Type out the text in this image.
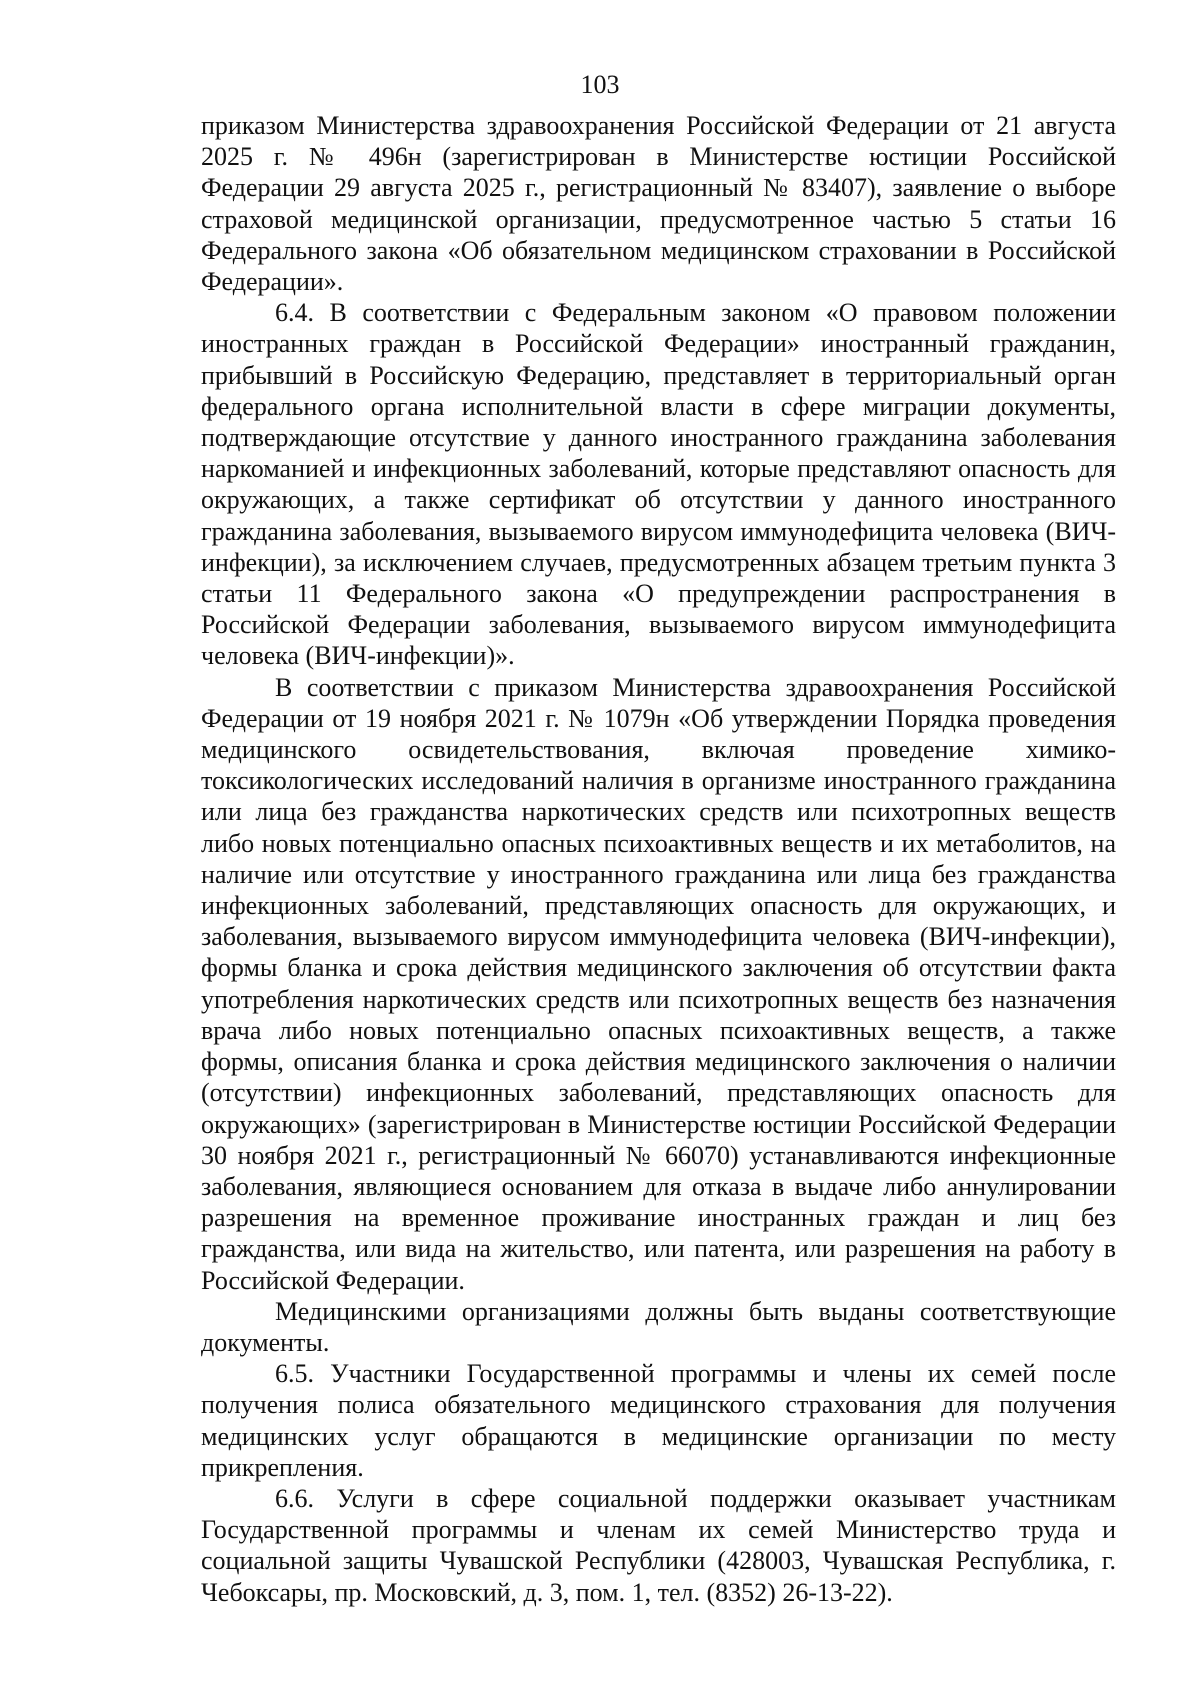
103

приказом Министерства здравоохранения Российской Федерации от 21 августа 2025 г. № 496н (зарегистрирован в Министерстве юстиции Российской Федерации 29 августа 2025 г., регистрационный № 83407), заявление о выборе страховой медицинской организации, предусмотренное частью 5 статьи 16 Федерального закона «Об обязательном медицинском страховании в Российской Федерации».

6.4. В соответствии с Федеральным законом «О правовом положении иностранных граждан в Российской Федерации» иностранный гражданин, прибывший в Российскую Федерацию, представляет в территориальный орган федерального органа исполнительной власти в сфере миграции документы, подтверждающие отсутствие у данного иностранного гражданина заболевания наркоманией и инфекционных заболеваний, которые представляют опасность для окружающих, а также сертификат об отсутствии у данного иностранного гражданина заболевания, вызываемого вирусом иммунодефицита человека (ВИЧ-инфекции), за исключением случаев, предусмотренных абзацем третьим пункта 3 статьи 11 Федерального закона «О предупреждении распространения в Российской Федерации заболевания, вызываемого вирусом иммунодефицита человека (ВИЧ-инфекции)».

В соответствии с приказом Министерства здравоохранения Российской Федерации от 19 ноября 2021 г. № 1079н «Об утверждении Порядка проведения медицинского освидетельствования, включая проведение химико-токсикологических исследований наличия в организме иностранного гражданина или лица без гражданства наркотических средств или психотропных веществ либо новых потенциально опасных психоактивных веществ и их метаболитов, на наличие или отсутствие у иностранного гражданина или лица без гражданства инфекционных заболеваний, представляющих опасность для окружающих, и заболевания, вызываемого вирусом иммунодефицита человека (ВИЧ-инфекции), формы бланка и срока действия медицинского заключения об отсутствии факта употребления наркотических средств или психотропных веществ без назначения врача либо новых потенциально опасных психоактивных веществ, а также формы, описания бланка и срока действия медицинского заключения о наличии (отсутствии) инфекционных заболеваний, представляющих опасность для окружающих» (зарегистрирован в Министерстве юстиции Российской Федерации 30 ноября 2021 г., регистрационный № 66070) устанавливаются инфекционные заболевания, являющиеся основанием для отказа в выдаче либо аннулировании разрешения на временное проживание иностранных граждан и лиц без гражданства, или вида на жительство, или патента, или разрешения на работу в Российской Федерации.

Медицинскими организациями должны быть выданы соответствующие документы.

6.5. Участники Государственной программы и члены их семей после получения полиса обязательного медицинского страхования для получения медицинских услуг обращаются в медицинские организации по месту прикрепления.

6.6. Услуги в сфере социальной поддержки оказывает участникам Государственной программы и членам их семей Министерство труда и социальной защиты Чувашской Республики (428003, Чувашская Республика, г. Чебоксары, пр. Московский, д. 3, пом. 1, тел. (8352) 26-13-22).
